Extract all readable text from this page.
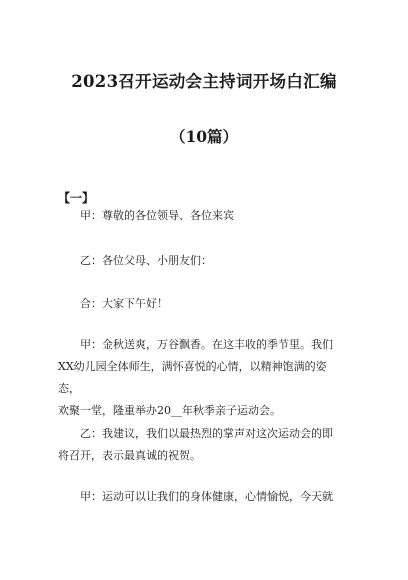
2023召开运动会主持词开场白汇编
（10篇）
【一】

甲：尊敬的各位领导、各位来宾

乙：各位父母、小朋友们：

合：大家下午好！

甲：金秋送爽，万谷飘香。在这丰收的季节里。我们
XX幼儿园全体师生，满怀喜悦的心情，以精神饱满的姿态，
欢聚一堂，隆重举办20__年秋季亲子运动会。

乙：我建议，我们以最热烈的掌声对这次运动会的即
将召开，表示最真诚的祝贺。

甲：运动可以让我们的身体健康，心情愉悦，今天就
